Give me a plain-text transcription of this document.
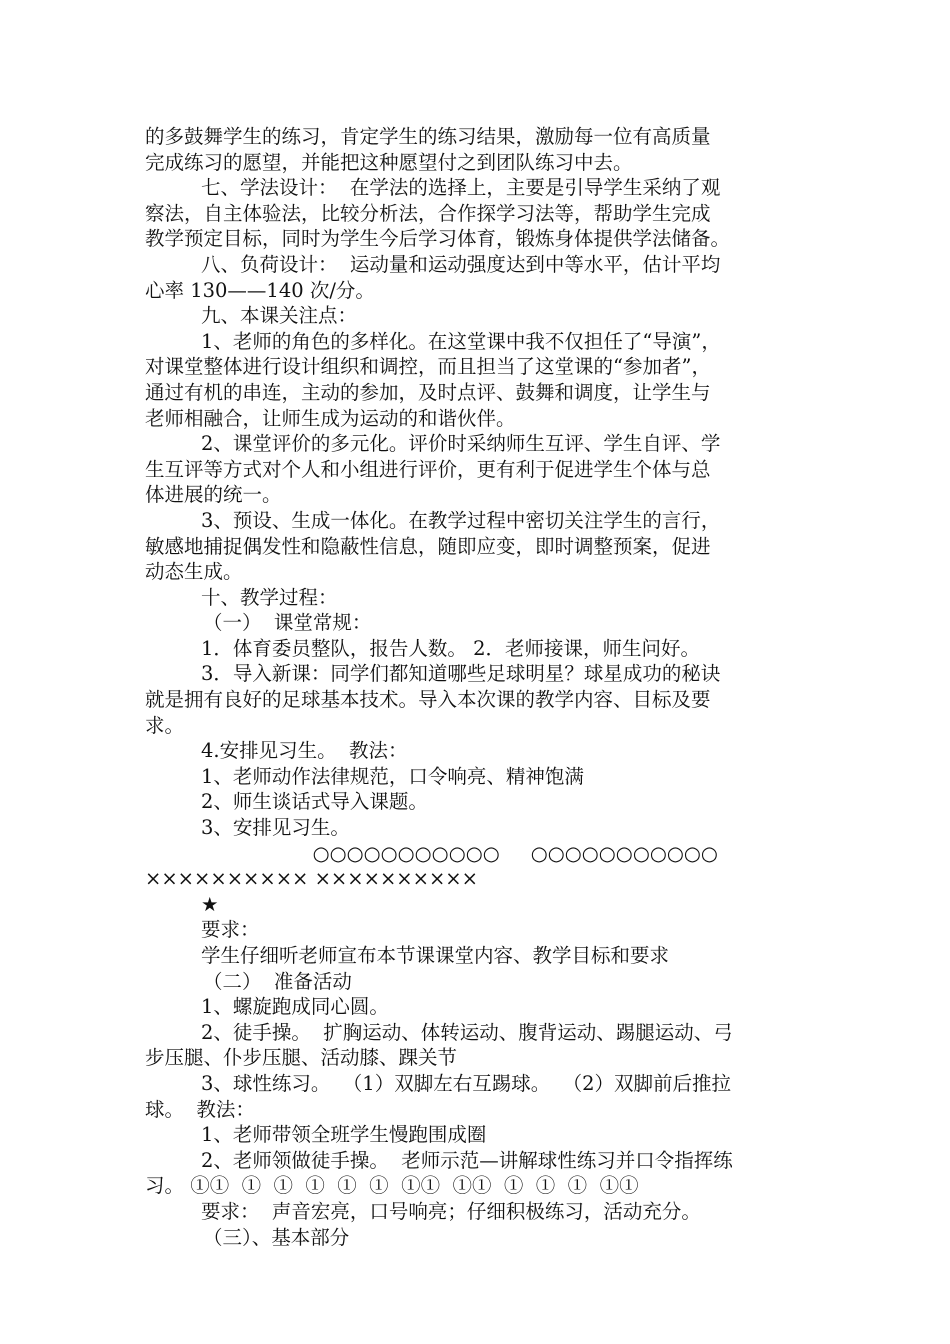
的多鼓舞学生的练习，肯定学生的练习结果，激励每一位有高质量
完成练习的愿望，并能把这种愿望付之到团队练习中去。
七、学法设计：  在学法的选择上，主要是引导学生采纳了观
察法，自主体验法，比较分析法，合作探学习法等，帮助学生完成
教学预定目标，同时为学生今后学习体育，锻炼身体提供学法储备。
八、负荷设计：  运动量和运动强度达到中等水平，估计平均
心率 130——140 次/分。
九、本课关注点：
1、老师的角色的多样化。在这堂课中我不仅担任了“导演”，
对课堂整体进行设计组织和调控，而且担当了这堂课的“参加者”，
通过有机的串连，主动的参加，及时点评、鼓舞和调度，让学生与
老师相融合，让师生成为运动的和谐伙伴。
2、课堂评价的多元化。评价时采纳师生互评、学生自评、学
生互评等方式对个人和小组进行评价，更有利于促进学生个体与总
体进展的统一。
3、预设、生成一体化。在教学过程中密切关注学生的言行，
敏感地捕捉偶发性和隐蔽性信息，随即应变，即时调整预案，促进
动态生成。
十、教学过程：
（一）  课堂常规：
1．体育委员整队，报告人数。 2．老师接课，师生问好。
3．导入新课：同学们都知道哪些足球明星？球星成功的秘诀
就是拥有良好的足球基本技术。导入本次课的教学内容、目标及要
求。
4.安排见习生。  教法：
1、老师动作法律规范，口令响亮、精神饱满
2、师生谈话式导入课题。
3、安排见习生。
○○○○○○○○○○○     ○○○○○○○○○○○
×××××××××× ××××××××××
★
要求：
学生仔细听老师宣布本节课课堂内容、教学目标和要求
（二）  准备活动
1、螺旋跑成同心圆。
2、徒手操。  扩胸运动、体转运动、腹背运动、踢腿运动、弓
步压腿、仆步压腿、活动膝、踝关节
3、球性练习。  （1）双脚左右互踢球。  （2）双脚前后推拉
球。  教法：
1、老师带领全班学生慢跑围成圈
2、老师领做徒手操。  老师示范—讲解球性练习并口令指挥练
习。 ①①  ①  ①  ①  ①  ①  ①①  ①①  ①  ①  ①  ①①
要求：  声音宏亮，口号响亮；仔细积极练习，活动充分。
（三）、基本部分
